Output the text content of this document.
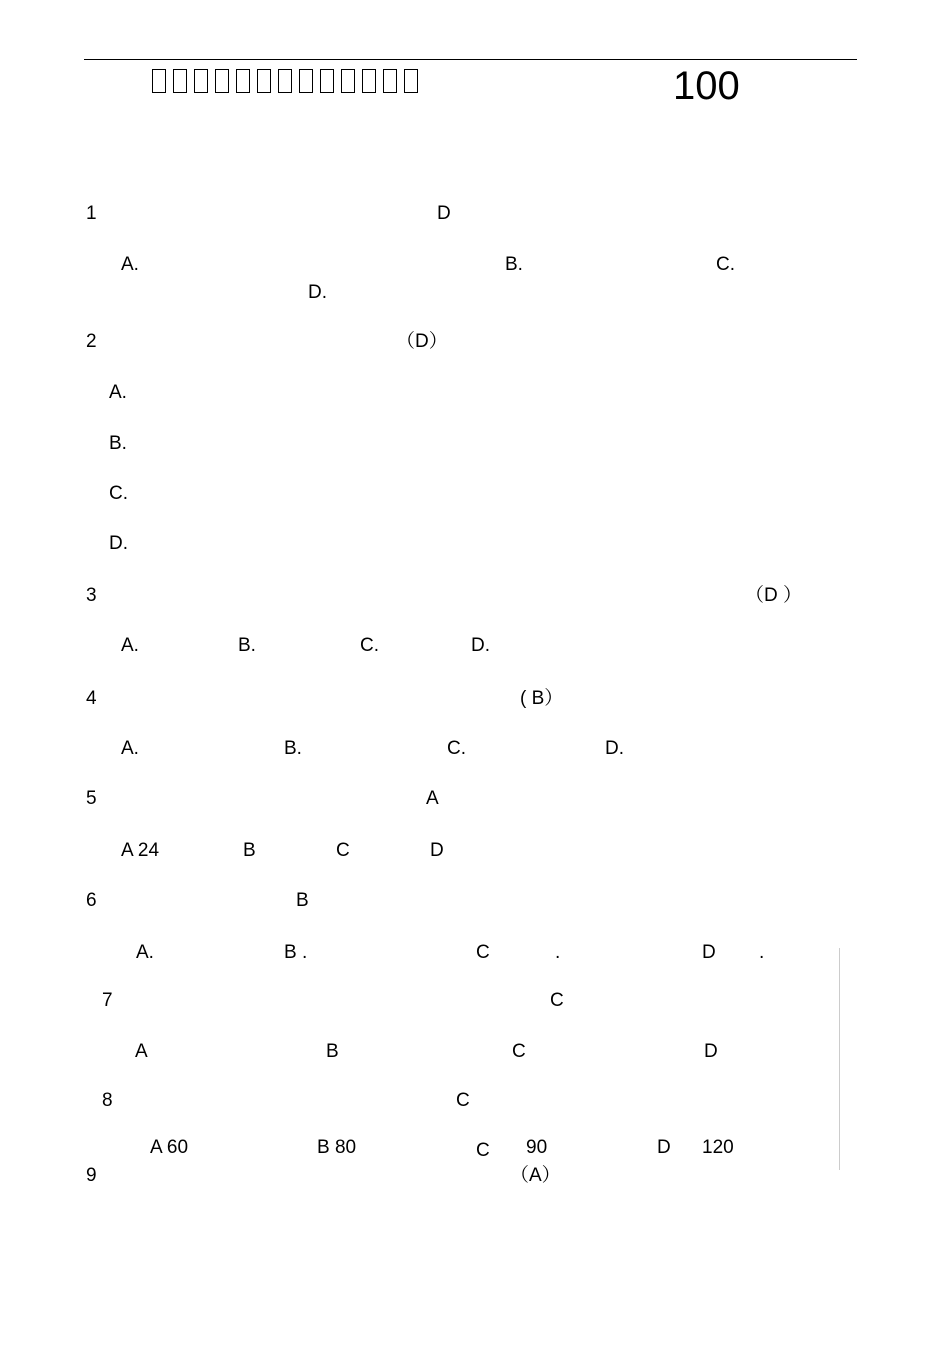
100
1	D
A.	B.	C.
D.
2	（D）
A.
B.
C.
D.
3	（D ）
A.	B.	C.	D.
4	( B）
A.	B.	C.	D.
5	A
A 24	B	C	D
6	B
A.	B .	C	.	D .
7	C
A	B	C	D
8	C
A 60	B 80	C 90	D 120
9	（A）
